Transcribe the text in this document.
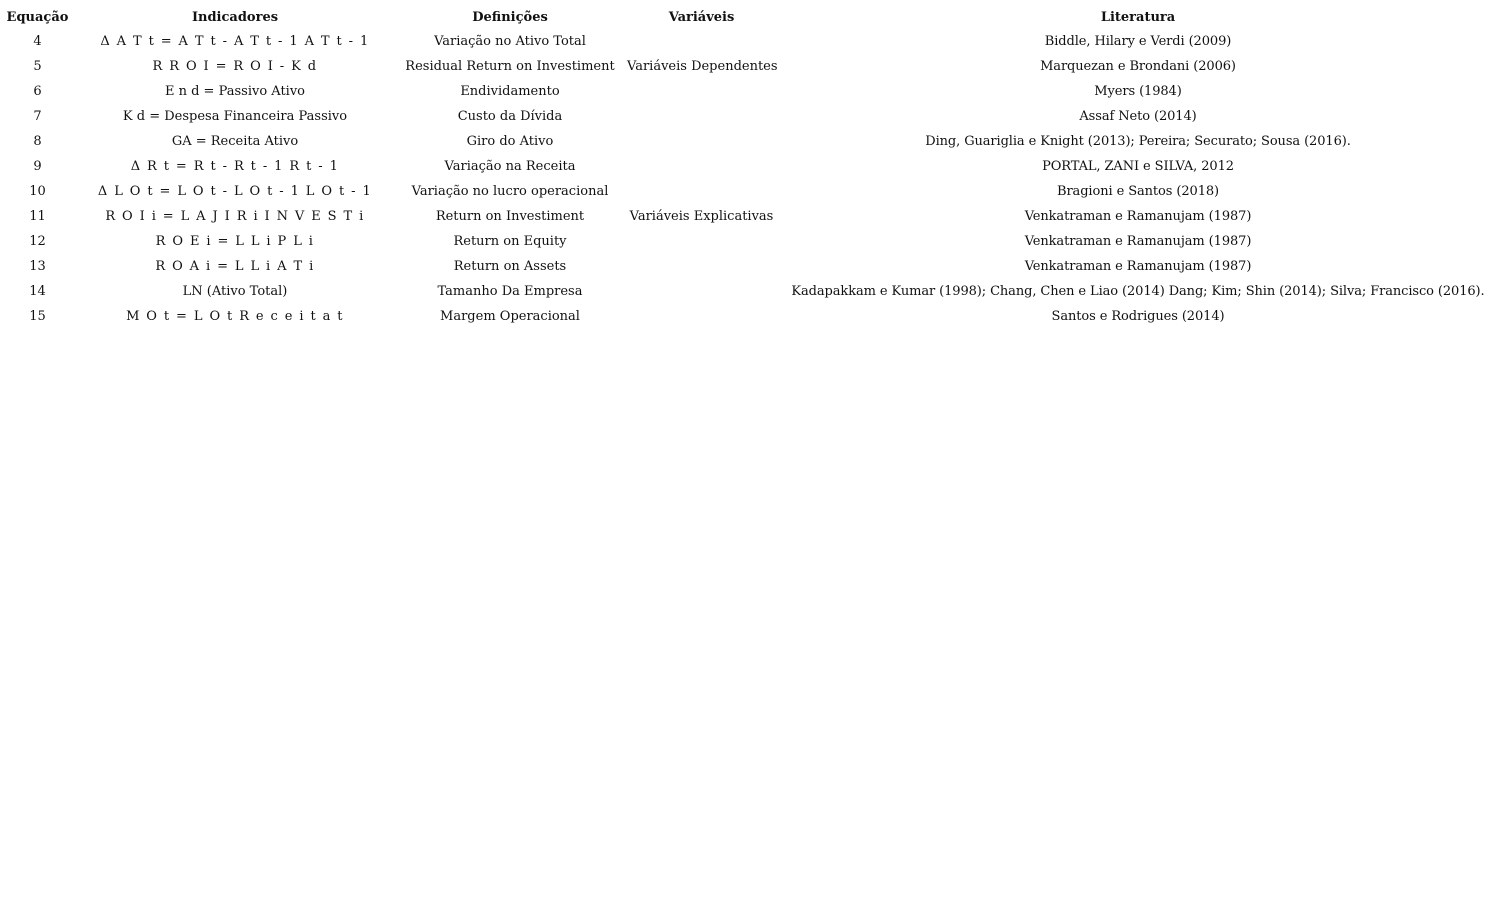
Equação	Indicadores	Definições	Variáveis	Literatura
4	Δ A T t = A T t - A T t - 1 A T t - 1	Variação no Ativo Total		Biddle, Hilary e Verdi (2009)
5	R R O I = R O I - K d	Residual Return on Investiment	Variáveis Dependentes	Marquezan e Brondani (2006)
6	E n d = Passivo Ativo	Endividamento		Myers (1984)
7	K d = Despesa Financeira Passivo	Custo da Dívida		Assaf Neto (2014)
8	GA = Receita Ativo	Giro do Ativo		Ding, Guariglia e Knight (2013); Pereira; Securato; Sousa (2016).
9	Δ R t = R t - R t - 1 R t - 1	Variação na Receita		PORTAL, ZANI e SILVA, 2012
10	Δ L O t = L O t - L O t - 1 L O t - 1	Variação no lucro operacional		Bragioni e Santos (2018)
11	R O I i = L A J I R i I N V E S T i	Return on Investiment	Variáveis Explicativas	Venkatraman e Ramanujam (1987)
12	R O E i = L L i P L i	Return on Equity		Venkatraman e Ramanujam (1987)
13	R O A i = L L i A T i	Return on Assets		Venkatraman e Ramanujam (1987)
14	LN (Ativo Total)	Tamanho Da Empresa		Kadapakkam e Kumar (1998); Chang, Chen e Liao (2014) Dang; Kim; Shin (2014); Silva; Francisco (2016).
15	M O t = L O t R e c e i t a t	Margem Operacional		Santos e Rodrigues (2014)
